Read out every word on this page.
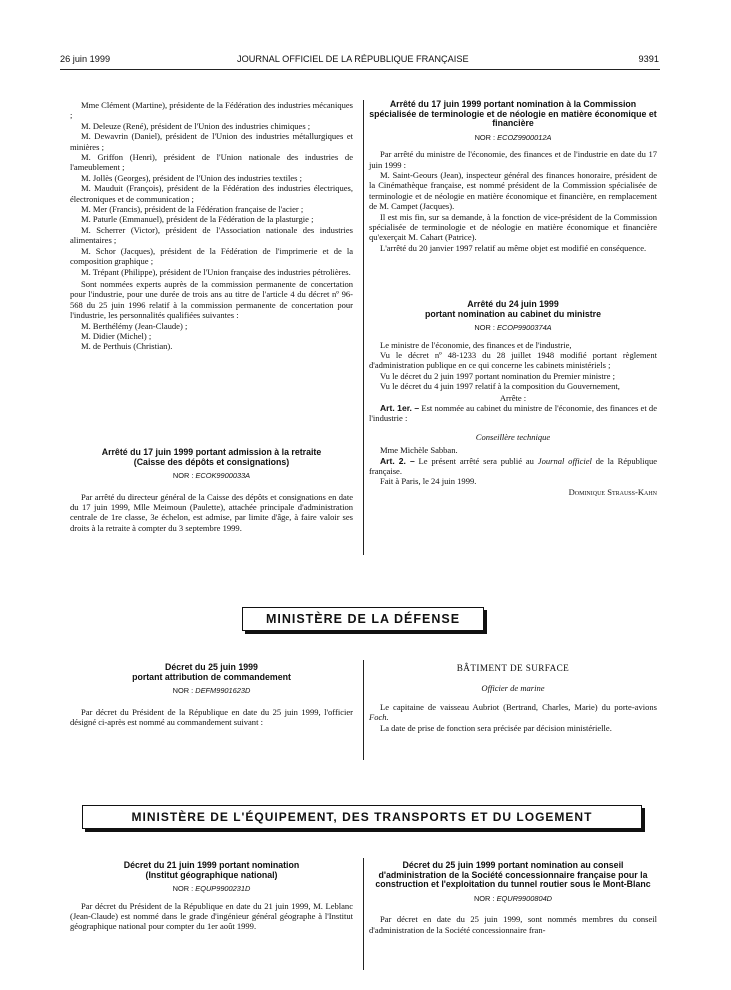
26 juin 1999	JOURNAL OFFICIEL DE LA RÉPUBLIQUE FRANÇAISE	9391

Mme Clément (Martine), présidente de la Fédération des industries mécaniques ;

M. Deleuze (René), président de l'Union des industries chimiques ;

M. Dewavrin (Daniel), président de l'Union des industries métallurgiques et minières ;

M. Griffon (Henri), président de l'Union nationale des industries de l'ameublement ;

M. Jollès (Georges), président de l'Union des industries textiles ;

M. Mauduit (François), président de la Fédération des industries électriques, électroniques et de communication ;

M. Mer (Francis), président de la Fédération française de l'acier ;

M. Paturle (Emmanuel), président de la Fédération de la plasturgie ;

M. Scherrer (Victor), président de l'Association nationale des industries alimentaires ;

M. Schor (Jacques), président de la Fédération de l'imprimerie et de la composition graphique ;

M. Trépant (Philippe), président de l'Union française des industries pétrolières.

Sont nommées experts auprès de la commission permanente de concertation pour l'industrie, pour une durée de trois ans au titre de l'article 4 du décret nº 96-568 du 25 juin 1996 relatif à la commission permanente de concertation pour l'industrie, les personnalités qualifiées suivantes :

M. Berthélémy (Jean-Claude) ;

M. Didier (Michel) ;

M. de Perthuis (Christian).

Arrêté du 17 juin 1999 portant admission à la retraite

(Caisse des dépôts et consignations)

NOR : ECOK9900033A

Par arrêté du directeur général de la Caisse des dépôts et consignations en date du 17 juin 1999, Mlle Meimoun (Paulette), attachée principale d'administration centrale de 1re classe, 3e échelon, est admise, par limite d'âge, à faire valoir ses droits à la retraite à compter du 3 septembre 1999.

Arrêté du 17 juin 1999 portant nomination à la Commission spécialisée de terminologie et de néologie en matière économique et financière

NOR : ECOZ9900012A

Par arrêté du ministre de l'économie, des finances et de l'industrie en date du 17 juin 1999 :

M. Saint-Geours (Jean), inspecteur général des finances honoraire, président de la Cinémathèque française, est nommé président de la Commission spécialisée de terminologie et de néologie en matière économique et financière, en remplacement de M. Campet (Jacques).

Il est mis fin, sur sa demande, à la fonction de vice-président de la Commission spécialisée de terminologie et de néologie en matière économique et financière qu'exerçait M. Cahart (Patrice).

L'arrêté du 20 janvier 1997 relatif au même objet est modifié en conséquence.

Arrêté du 24 juin 1999

portant nomination au cabinet du ministre

NOR : ECOP9900374A

Le ministre de l'économie, des finances et de l'industrie,

Vu le décret nº 48-1233 du 28 juillet 1948 modifié portant règlement d'administration publique en ce qui concerne les cabinets ministériels ;

Vu le décret du 2 juin 1997 portant nomination du Premier ministre ;

Vu le décret du 4 juin 1997 relatif à la composition du Gouvernement,

Arrête :

Art. 1er. – Est nommée au cabinet du ministre de l'économie, des finances et de l'industrie :

Conseillère technique

Mme Michèle Sabban.

Art. 2. – Le présent arrêté sera publié au Journal officiel de la République française.

Fait à Paris, le 24 juin 1999.

Dominique Strauss-Kahn

MINISTÈRE DE LA DÉFENSE

Décret du 25 juin 1999

portant attribution de commandement

NOR : DEFM9901623D

Par décret du Président de la République en date du 25 juin 1999, l'officier désigné ci-après est nommé au commandement suivant :

BÂTIMENT DE SURFACE

Officier de marine

Le capitaine de vaisseau Aubriot (Bertrand, Charles, Marie) du porte-avions Foch.

La date de prise de fonction sera précisée par décision ministérielle.

MINISTÈRE DE L'ÉQUIPEMENT, DES TRANSPORTS ET DU LOGEMENT

Décret du 21 juin 1999 portant nomination

(Institut géographique national)

NOR : EQUP9900231D

Par décret du Président de la République en date du 21 juin 1999, M. Leblanc (Jean-Claude) est nommé dans le grade d'ingénieur général géographe à l'Institut géographique national pour compter du 1er août 1999.

Décret du 25 juin 1999 portant nomination au conseil d'administration de la Société concessionnaire française pour la construction et l'exploitation du tunnel routier sous le Mont-Blanc

NOR : EQUR9900804D

Par décret en date du 25 juin 1999, sont nommés membres du conseil d'administration de la Société concessionnaire fran-
